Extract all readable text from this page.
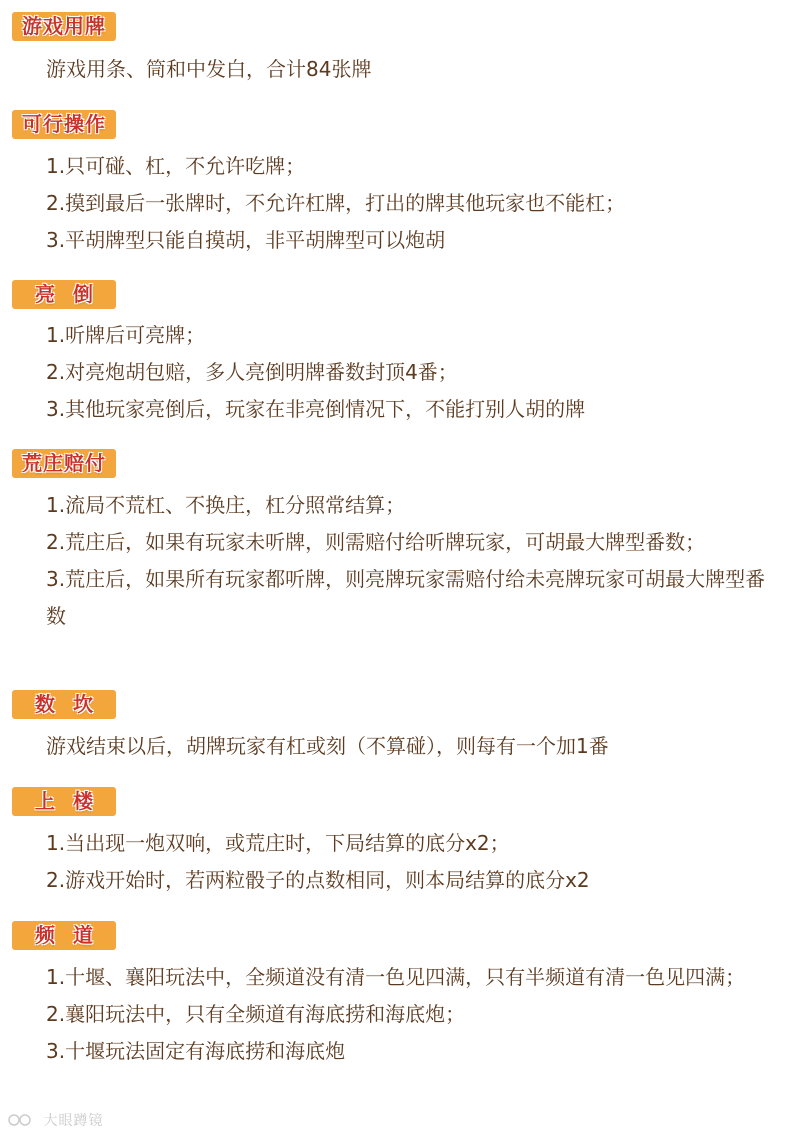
游戏用牌
游戏用条、筒和中发白，合计84张牌
可行操作
1.只可碰、杠，不允许吃牌；
2.摸到最后一张牌时，不允许杠牌，打出的牌其他玩家也不能杠；
3.平胡牌型只能自摸胡，非平胡牌型可以炮胡
亮倒
1.听牌后可亮牌；
2.对亮炮胡包赔，多人亮倒明牌番数封顶4番；
3.其他玩家亮倒后，玩家在非亮倒情况下，不能打别人胡的牌
荒庄赔付
1.流局不荒杠、不换庄，杠分照常结算；
2.荒庄后，如果有玩家未听牌，则需赔付给听牌玩家，可胡最大牌型番数；
3.荒庄后，如果所有玩家都听牌，则亮牌玩家需赔付给未亮牌玩家可胡最大牌型番数
数坎
游戏结束以后，胡牌玩家有杠或刻（不算碰），则每有一个加1番
上楼
1.当出现一炮双响，或荒庄时，下局结算的底分x2；
2.游戏开始时，若两粒骰子的点数相同，则本局结算的底分x2
频道
1.十堰、襄阳玩法中，全频道没有清一色见四满，只有半频道有清一色见四满；
2.襄阳玩法中，只有全频道有海底捞和海底炮；
3.十堰玩法固定有海底捞和海底炮
大眼蹲镜
